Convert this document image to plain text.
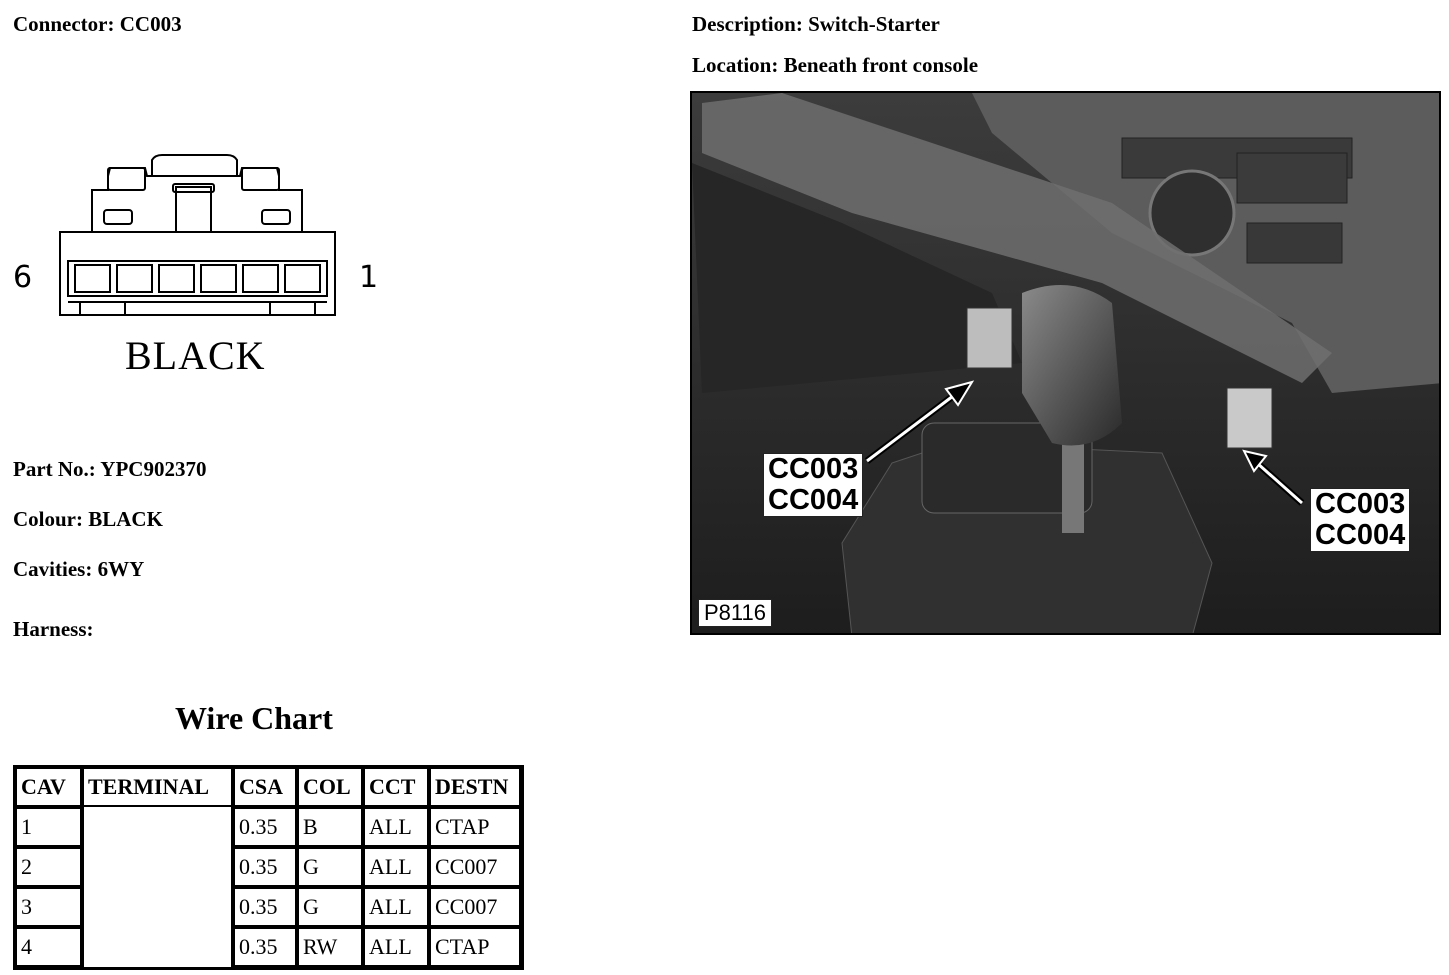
Connector: CC003	Description: Switch-Starter
Location: Beneath front console
6	1
BLACK
Part No.: YPC902370
Colour: BLACK
Cavities: 6WY
Harness:
Wire Chart
CAV	TERMINAL	CSA	COL	CCT	DESTN
1		0.35	B	ALL	CTAP
2		0.35	G	ALL	CC007
3		0.35	G	ALL	CC007
4		0.35	RW	ALL	CTAP
CC003
CC004	CC003
CC004
P8116
